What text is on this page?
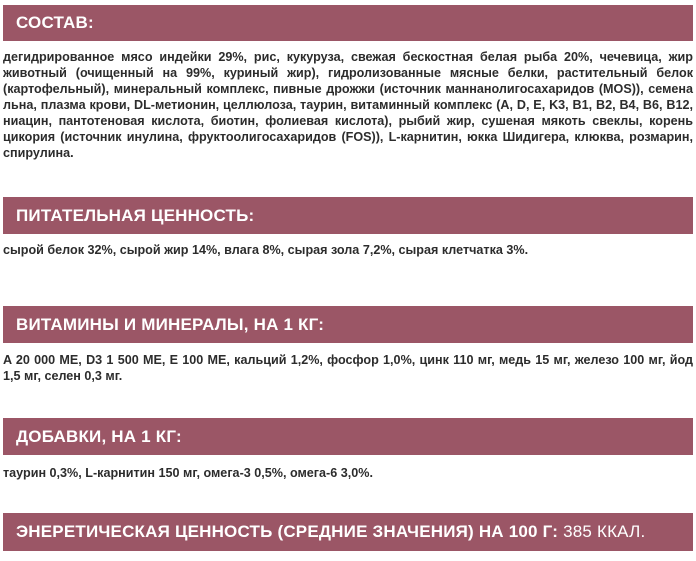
СОСТАВ:

дегидрированное мясо индейки 29%, рис, кукуруза, свежая бескостная белая рыба 20%, чечевица, жир животный (очищенный на 99%, куриный жир), гидролизованные мясные белки, растительный белок (картофельный), минеральный комплекс, пивные дрожжи (источник маннанолигосахаридов (MOS)), семена льна, плазма крови, DL-метионин, целлюлоза, таурин, витаминный комплекс (A, D, E, K3, B1, B2, B4, B6, B12, ниацин, пантотеновая кислота, биотин, фолиевая кислота), рыбий жир, сушеная мякоть свеклы, корень цикория (источник инулина, фруктоолигосахаридов (FOS)), L-карнитин, юкка Шидигера, клюква, розмарин, спирулина.

ПИТАТЕЛЬНАЯ ЦЕННОСТЬ:

сырой белок 32%, сырой жир 14%, влага 8%, сырая зола 7,2%, сырая клетчатка 3%.

ВИТАМИНЫ И МИНЕРАЛЫ, НА 1 КГ:

A 20 000 ME, D3 1 500 ME, E 100 ME, кальций 1,2%, фосфор 1,0%, цинк 110 мг, медь 15 мг, железо 100 мг, йод 1,5 мг, селен 0,3 мг.

ДОБАВКИ, НА 1 КГ:

таурин 0,3%, L-карнитин 150 мг, омега-3 0,5%, омега-6 3,0%.

ЭНЕРЕТИЧЕСКАЯ ЦЕННОСТЬ (СРЕДНИЕ ЗНАЧЕНИЯ) НА 100 Г: 385 ККАЛ.
